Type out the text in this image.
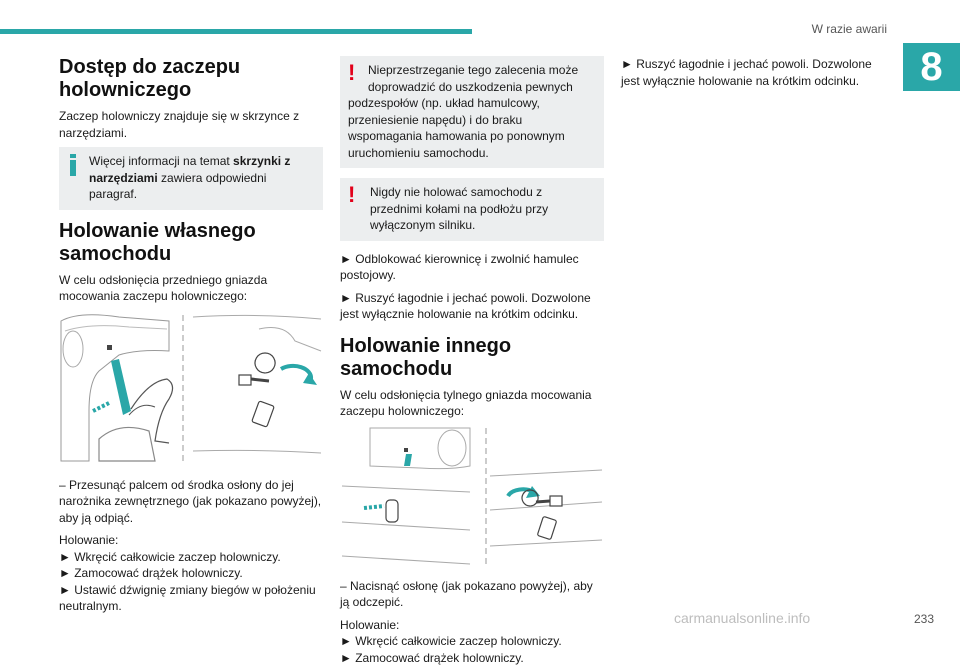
W razie awarii
8
Dostęp do zaczepu holowniczego

Zaczep holowniczy znajduje się w skrzynce z narzędziami.

Więcej informacji na temat skrzynki z narzędziami zawiera odpowiedni paragraf.
Holowanie własnego samochodu

W celu odsłonięcia przedniego gniazda mocowania zaczepu holowniczego:

– Przesunąć palcem od środka osłony do jej narożnika zewnętrznego (jak pokazano powyżej), aby ją odpiąć.

Holowanie:
► Wkręcić całkowicie zaczep holowniczy.
► Zamocować drążek holowniczy.
► Ustawić dźwignię zmiany biegów w położeniu neutralnym.
!	Nieprzestrzeganie tego zalecenia może doprowadzić do uszkodzenia pewnych
podzespołów (np. układ hamulcowy, przeniesienie napędu) i do braku wspomagania hamowania po ponownym uruchomieniu samochodu.
! Nigdy nie holować samochodu z przednimi kołami na podłożu przy wyłączonym silniku.

► Odblokować kierownicę i zwolnić hamulec postojowy.

► Ruszyć łagodnie i jechać powoli. Dozwolone jest wyłącznie holowanie na krótkim odcinku.

Holowanie innego samochodu

W celu odsłonięcia tylnego gniazda mocowania zaczepu holowniczego:

– Nacisnąć osłonę (jak pokazano powyżej), aby ją odczepić.

Holowanie:
► Wkręcić całkowicie zaczep holowniczy.
► Zamocować drążek holowniczy.

► Ruszyć łagodnie i jechać powoli. Dozwolone jest wyłącznie holowanie na krótkim odcinku.

carmanualsonline.info	233
